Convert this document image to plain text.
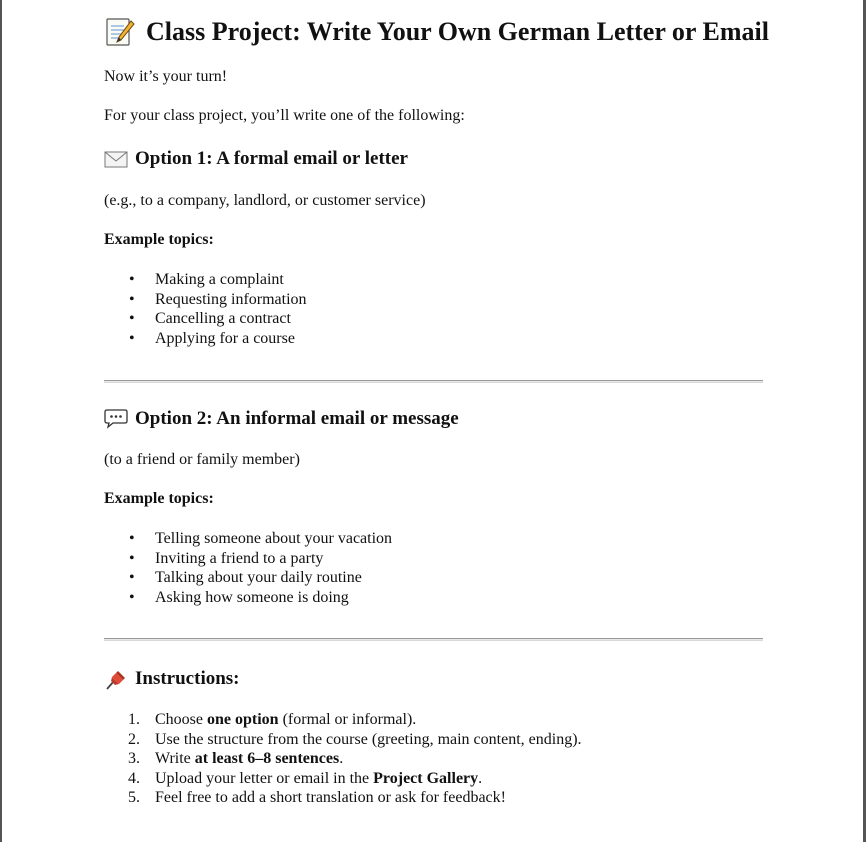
Class Project: Write Your Own German Letter or Email

Now it’s your turn!

For your class project, you’ll write one of the following:

Option 1: A formal email or letter

(e.g., to a company, landlord, or customer service)

Example topics:

• Making a complaint
• Requesting information
• Cancelling a contract
• Applying for a course
Option 2: An informal email or message

(to a friend or family member)

Example topics:

• Telling someone about your vacation
• Inviting a friend to a party
• Talking about your daily routine
• Asking how someone is doing
Instructions:
1. Choose one option (formal or informal).
2. Use the structure from the course (greeting, main content, ending).
3. Write at least 6–8 sentences.
4. Upload your letter or email in the Project Gallery.
5. Feel free to add a short translation or ask for feedback!
